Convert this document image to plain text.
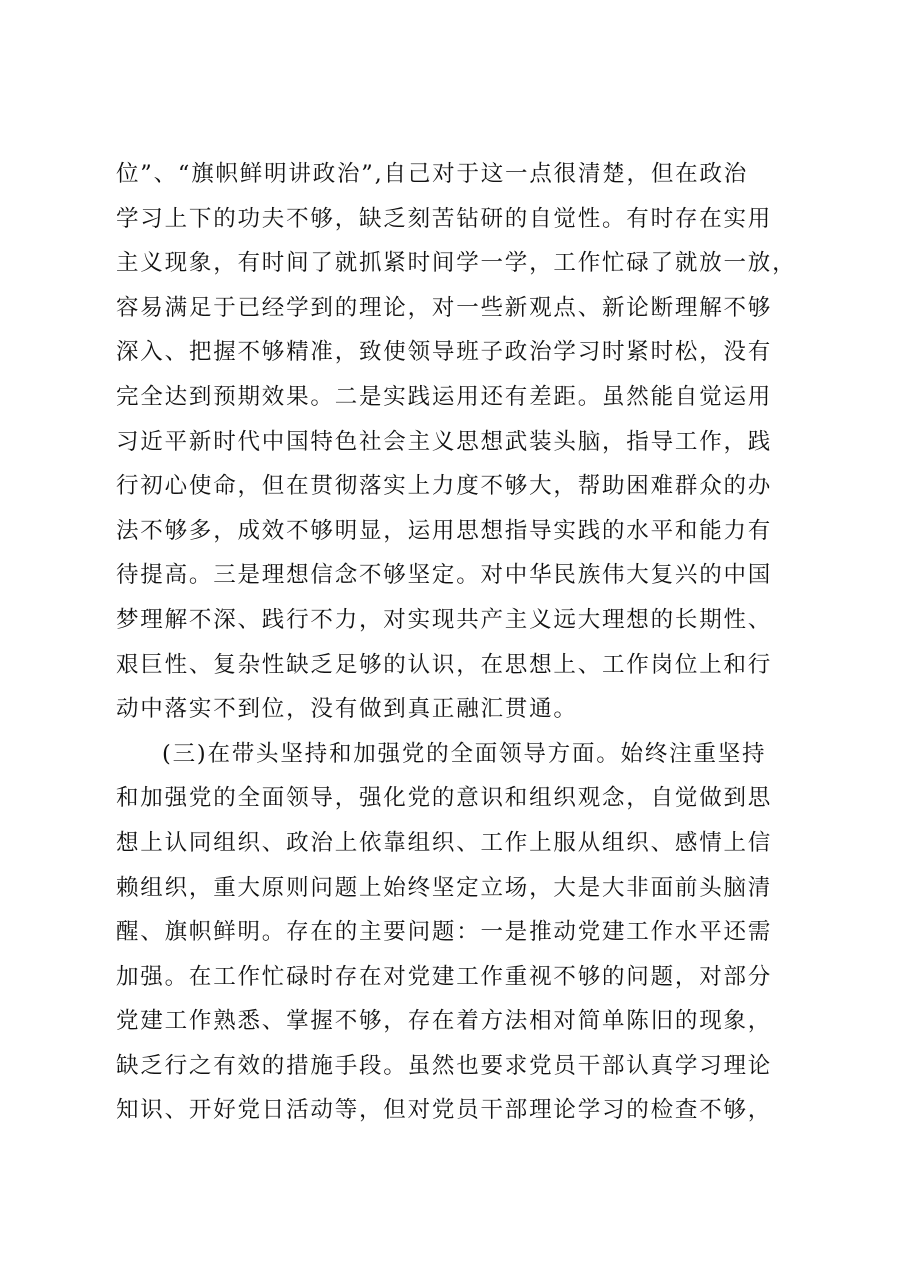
位”、“旗帜鲜明讲政治”,自己对于这一点很清楚，但在政治
学习上下的功夫不够，缺乏刻苦钻研的自觉性。有时存在实用
主义现象，有时间了就抓紧时间学一学，工作忙碌了就放一放，
容易满足于已经学到的理论，对一些新观点、新论断理解不够
深入、把握不够精准，致使领导班子政治学习时紧时松，没有
完全达到预期效果。二是实践运用还有差距。虽然能自觉运用
习近平新时代中国特色社会主义思想武装头脑，指导工作，践
行初心使命，但在贯彻落实上力度不够大，帮助困难群众的办
法不够多，成效不够明显，运用思想指导实践的水平和能力有
待提高。三是理想信念不够坚定。对中华民族伟大复兴的中国
梦理解不深、践行不力，对实现共产主义远大理想的长期性、
艰巨性、复杂性缺乏足够的认识，在思想上、工作岗位上和行
动中落实不到位，没有做到真正融汇贯通。
(三)在带头坚持和加强党的全面领导方面。始终注重坚持
和加强党的全面领导，强化党的意识和组织观念，自觉做到思
想上认同组织、政治上依靠组织、工作上服从组织、感情上信
赖组织，重大原则问题上始终坚定立场，大是大非面前头脑清
醒、旗帜鲜明。存在的主要问题：一是推动党建工作水平还需
加强。在工作忙碌时存在对党建工作重视不够的问题，对部分
党建工作熟悉、掌握不够，存在着方法相对简单陈旧的现象，
缺乏行之有效的措施手段。虽然也要求党员干部认真学习理论
知识、开好党日活动等，但对党员干部理论学习的检查不够，
